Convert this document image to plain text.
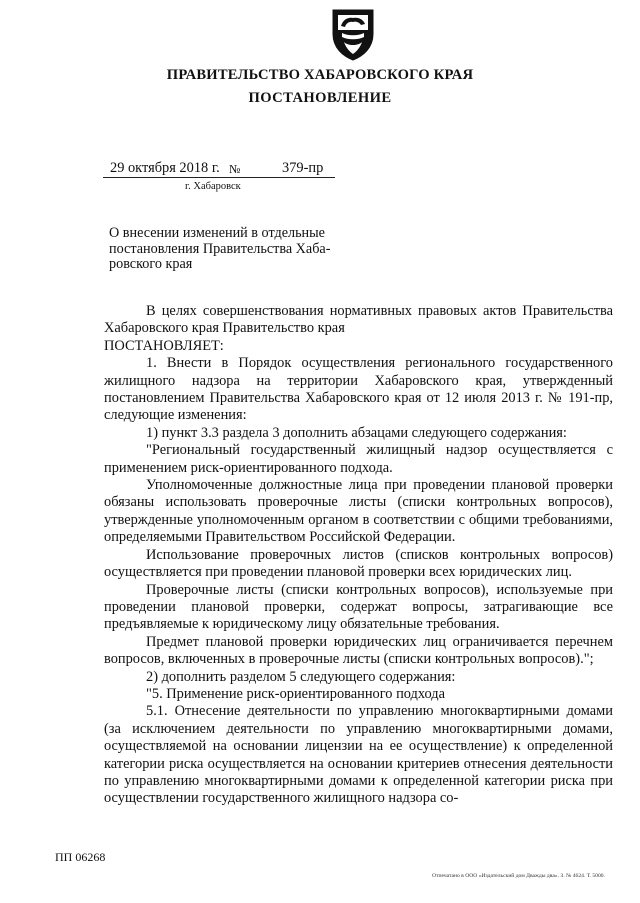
ПРАВИТЕЛЬСТВО ХАБАРОВСКОГО КРАЯ
ПОСТАНОВЛЕНИЕ
29 октября 2018 г. №	379-пр
г. Хабаровск
О внесении изменений в отдельные
постановления Правительства Хаба-
ровского края

В целях совершенствования нормативных правовых актов Правительства Хабаровского края Правительство края

ПОСТАНОВЛЯЕТ:

1. Внести в Порядок осуществления регионального государственного жилищного надзора на территории Хабаровского края, утвержденный постановлением Правительства Хабаровского края от 12 июля 2013 г. № 191-пр, следующие изменения:

1) пункт 3.3 раздела 3 дополнить абзацами следующего содержания:

"Региональный государственный жилищный надзор осуществляется с применением риск-ориентированного подхода.

Уполномоченные должностные лица при проведении плановой проверки обязаны использовать проверочные листы (списки контрольных вопросов), утвержденные уполномоченным органом в соответствии с общими требованиями, определяемыми Правительством Российской Федерации.

Использование проверочных листов (списков контрольных вопросов) осуществляется при проведении плановой проверки всех юридических лиц.

Проверочные листы (списки контрольных вопросов), используемые при проведении плановой проверки, содержат вопросы, затрагивающие все предъявляемые к юридическому лицу обязательные требования.

Предмет плановой проверки юридических лиц ограничивается перечнем вопросов, включенных в проверочные листы (списки контрольных вопросов).";

2) дополнить разделом 5 следующего содержания:

"5. Применение риск-ориентированного подхода

5.1. Отнесение деятельности по управлению многоквартирными домами (за исключением деятельности по управлению многоквартирными домами, осуществляемой на основании лицензии на ее осуществление) к определенной категории риска осуществляется на основании критериев отнесения деятельности по управлению многоквартирными домами к определенной категории риска при осуществлении государственного жилищного надзора со-

ПП 06268
Отпечатано в ООО «Издательский дом Дважды два». З. № 4624. Т. 5000.
